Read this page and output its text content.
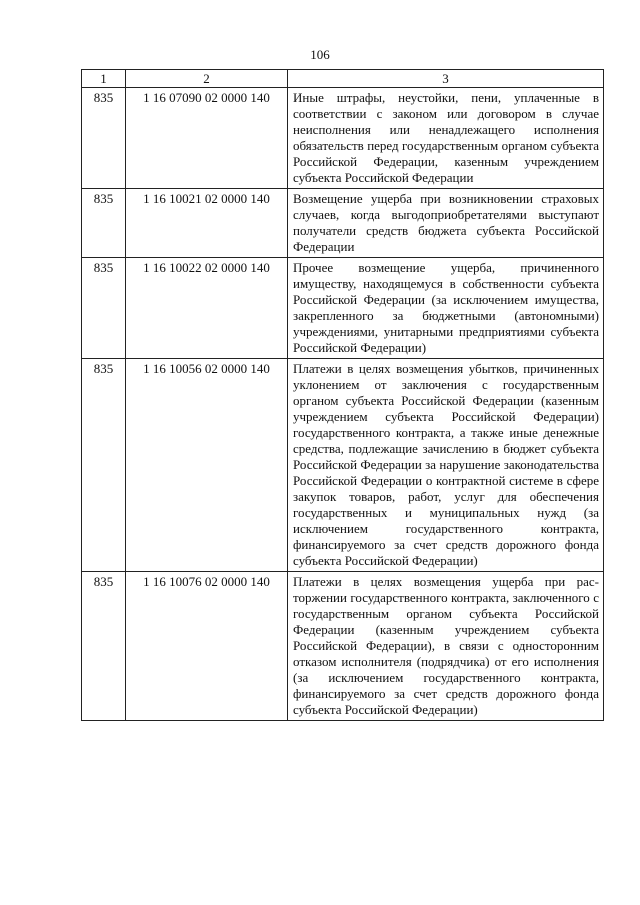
106
1	2	3
835	1 16 07090 02 0000 140	Иные штрафы, неустойки, пени, уплаченные в соответствии с законом или договором в случае неисполнения или ненадлежащего исполнения обязательств перед государственным органом субъекта Российской Федерации, казенным учреждением субъекта Российской Федерации
835	1 16 10021 02 0000 140	Возмещение ущерба при возникновении страховых случаев, когда выгодоприобретателями выступают получатели средств бюджета субъекта Российской Федерации
835	1 16 10022 02 0000 140	Прочее возмещение ущерба, причиненного имуществу, находящемуся в собственности субъекта Российской Федерации (за исключением имущества, закрепленного за бюджетными (автономными) учреждениями, унитарными предприятиями субъекта Российской Федерации)
835	1 16 10056 02 0000 140	Платежи в целях возмещения убытков, причиненных уклонением от заключения с государственным органом субъекта Российской Федерации (казенным учреждением субъекта Российской Федерации) государственного контракта, а также иные денежные средства, подлежащие зачислению в бюджет субъекта Российской Федерации за нарушение законодательства Российской Федерации о контрактной системе в сфере закупок товаров, работ, услуг для обеспечения государственных и муниципальных нужд (за исключением государственного контракта, финансируемого за счет средств дорожного фонда субъекта Российской Федерации)
835	1 16 10076 02 0000 140	Платежи в целях возмещения ущерба при расторжении государственного контракта, заключенного с государственным органом субъекта Российской Федерации (казенным учреждением субъекта Российской Федерации), в связи с односторонним отказом исполнителя (подрядчика) от его исполнения (за исключением государственного контракта, финансируемого за счет средств дорожного фонда субъекта Российской Федерации)
